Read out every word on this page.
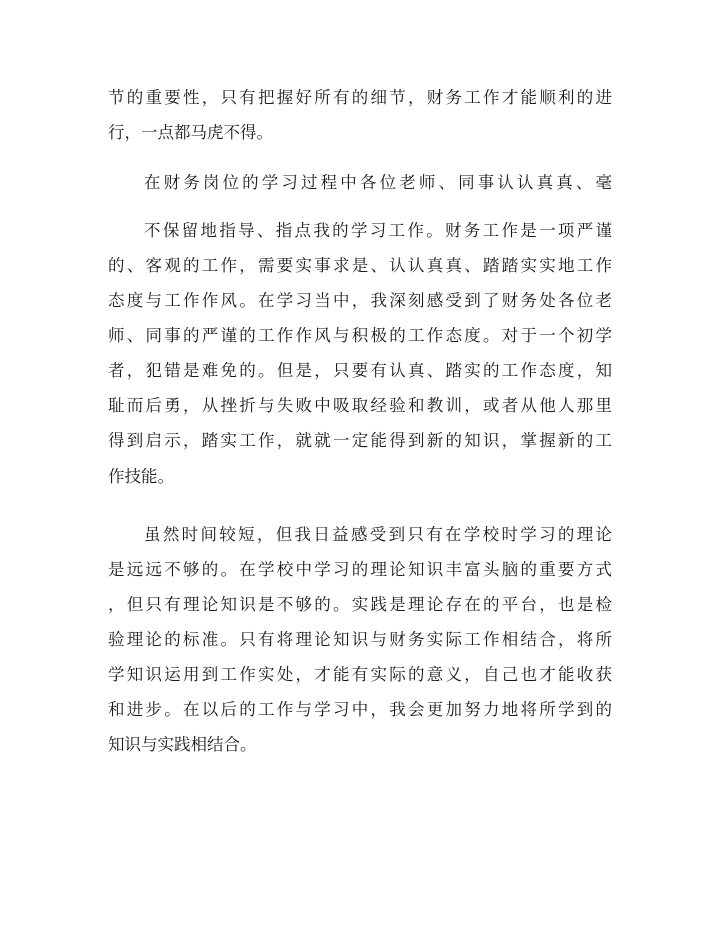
节的重要性，只有把握好所有的细节，财务工作才能顺利的进
行，一点都马虎不得。
在财务岗位的学习过程中各位老师、同事认认真真、毫
不保留地指导、指点我的学习工作。财务工作是一项严谨
的、客观的工作，需要实事求是、认认真真、踏踏实实地工作
态度与工作作风。在学习当中，我深刻感受到了财务处各位老
师、同事的严谨的工作作风与积极的工作态度。对于一个初学
者，犯错是难免的。但是，只要有认真、踏实的工作态度，知
耻而后勇，从挫折与失败中吸取经验和教训，或者从他人那里
得到启示，踏实工作，就就一定能得到新的知识，掌握新的工
作技能。
虽然时间较短，但我日益感受到只有在学校时学习的理论
是远远不够的。在学校中学习的理论知识丰富头脑的重要方式
，但只有理论知识是不够的。实践是理论存在的平台，也是检
验理论的标准。只有将理论知识与财务实际工作相结合，将所
学知识运用到工作实处，才能有实际的意义，自己也才能收获
和进步。在以后的工作与学习中，我会更加努力地将所学到的
知识与实践相结合。
